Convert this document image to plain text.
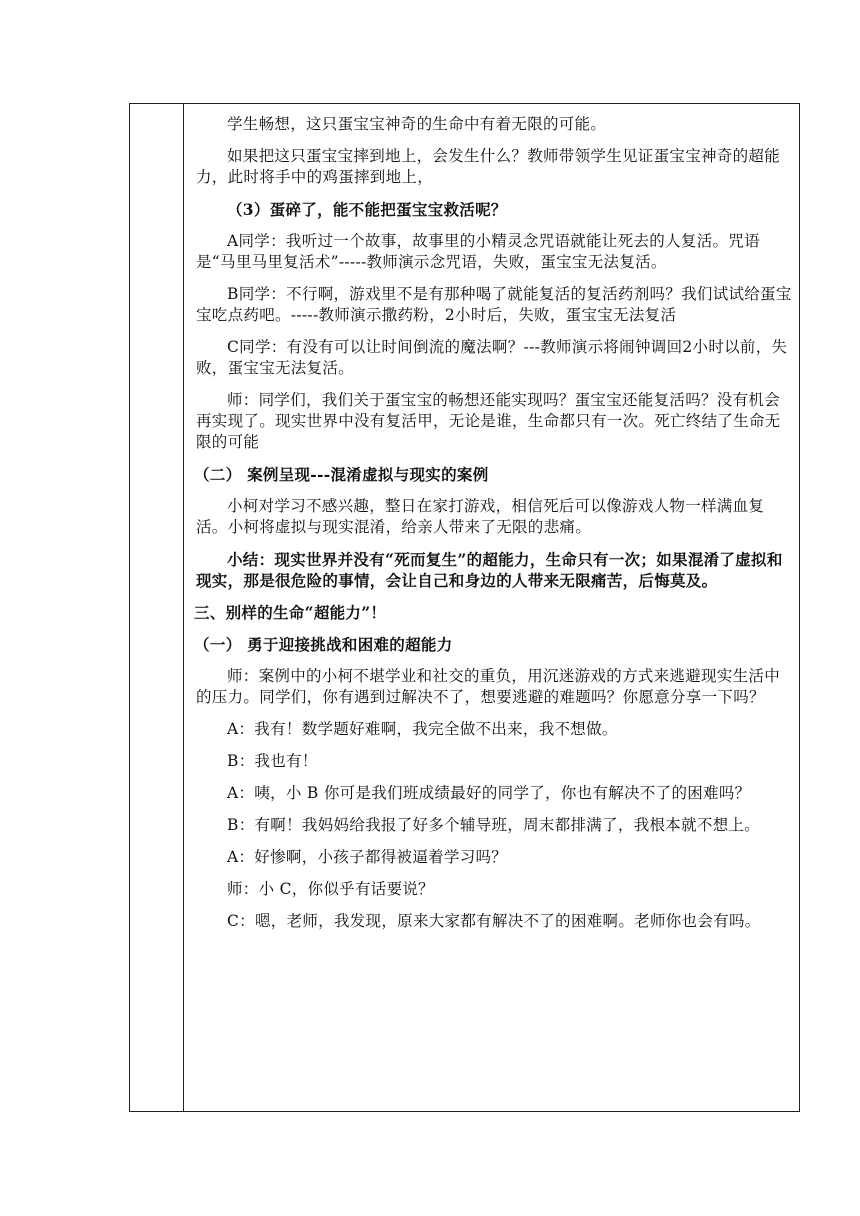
学生畅想，这只蛋宝宝神奇的生命中有着无限的可能。

如果把这只蛋宝宝摔到地上，会发生什么？教师带领学生见证蛋宝宝神奇的超能力，此时将手中的鸡蛋摔到地上，

（3）蛋碎了，能不能把蛋宝宝救活呢？

A同学：我听过一个故事，故事里的小精灵念咒语就能让死去的人复活。咒语是“马里马里复活术”-----教师演示念咒语，失败，蛋宝宝无法复活。

B同学：不行啊，游戏里不是有那种喝了就能复活的复活药剂吗？我们试试给蛋宝宝吃点药吧。-----教师演示撒药粉，2小时后，失败，蛋宝宝无法复活

C同学：有没有可以让时间倒流的魔法啊？---教师演示将闹钟调回2小时以前，失败，蛋宝宝无法复活。

师：同学们，我们关于蛋宝宝的畅想还能实现吗？蛋宝宝还能复活吗？没有机会再实现了。现实世界中没有复活甲，无论是谁，生命都只有一次。死亡终结了生命无限的可能

（二） 案例呈现---混淆虚拟与现实的案例

小柯对学习不感兴趣，整日在家打游戏，相信死后可以像游戏人物一样满血复活。小柯将虚拟与现实混淆，给亲人带来了无限的悲痛。

小结：现实世界并没有“死而复生”的超能力，生命只有一次；如果混淆了虚拟和现实，那是很危险的事情，会让自己和身边的人带来无限痛苦，后悔莫及。

三、别样的生命“超能力”！

（一） 勇于迎接挑战和困难的超能力

师：案例中的小柯不堪学业和社交的重负，用沉迷游戏的方式来逃避现实生活中的压力。同学们，你有遇到过解决不了，想要逃避的难题吗？你愿意分享一下吗？

A：我有！数学题好难啊，我完全做不出来，我不想做。

B：我也有！

A：咦，小 B 你可是我们班成绩最好的同学了，你也有解决不了的困难吗？

B：有啊！我妈妈给我报了好多个辅导班，周末都排满了，我根本就不想上。

A：好惨啊，小孩子都得被逼着学习吗？

师：小 C，你似乎有话要说？

C：嗯，老师，我发现，原来大家都有解决不了的困难啊。老师你也会有吗。
